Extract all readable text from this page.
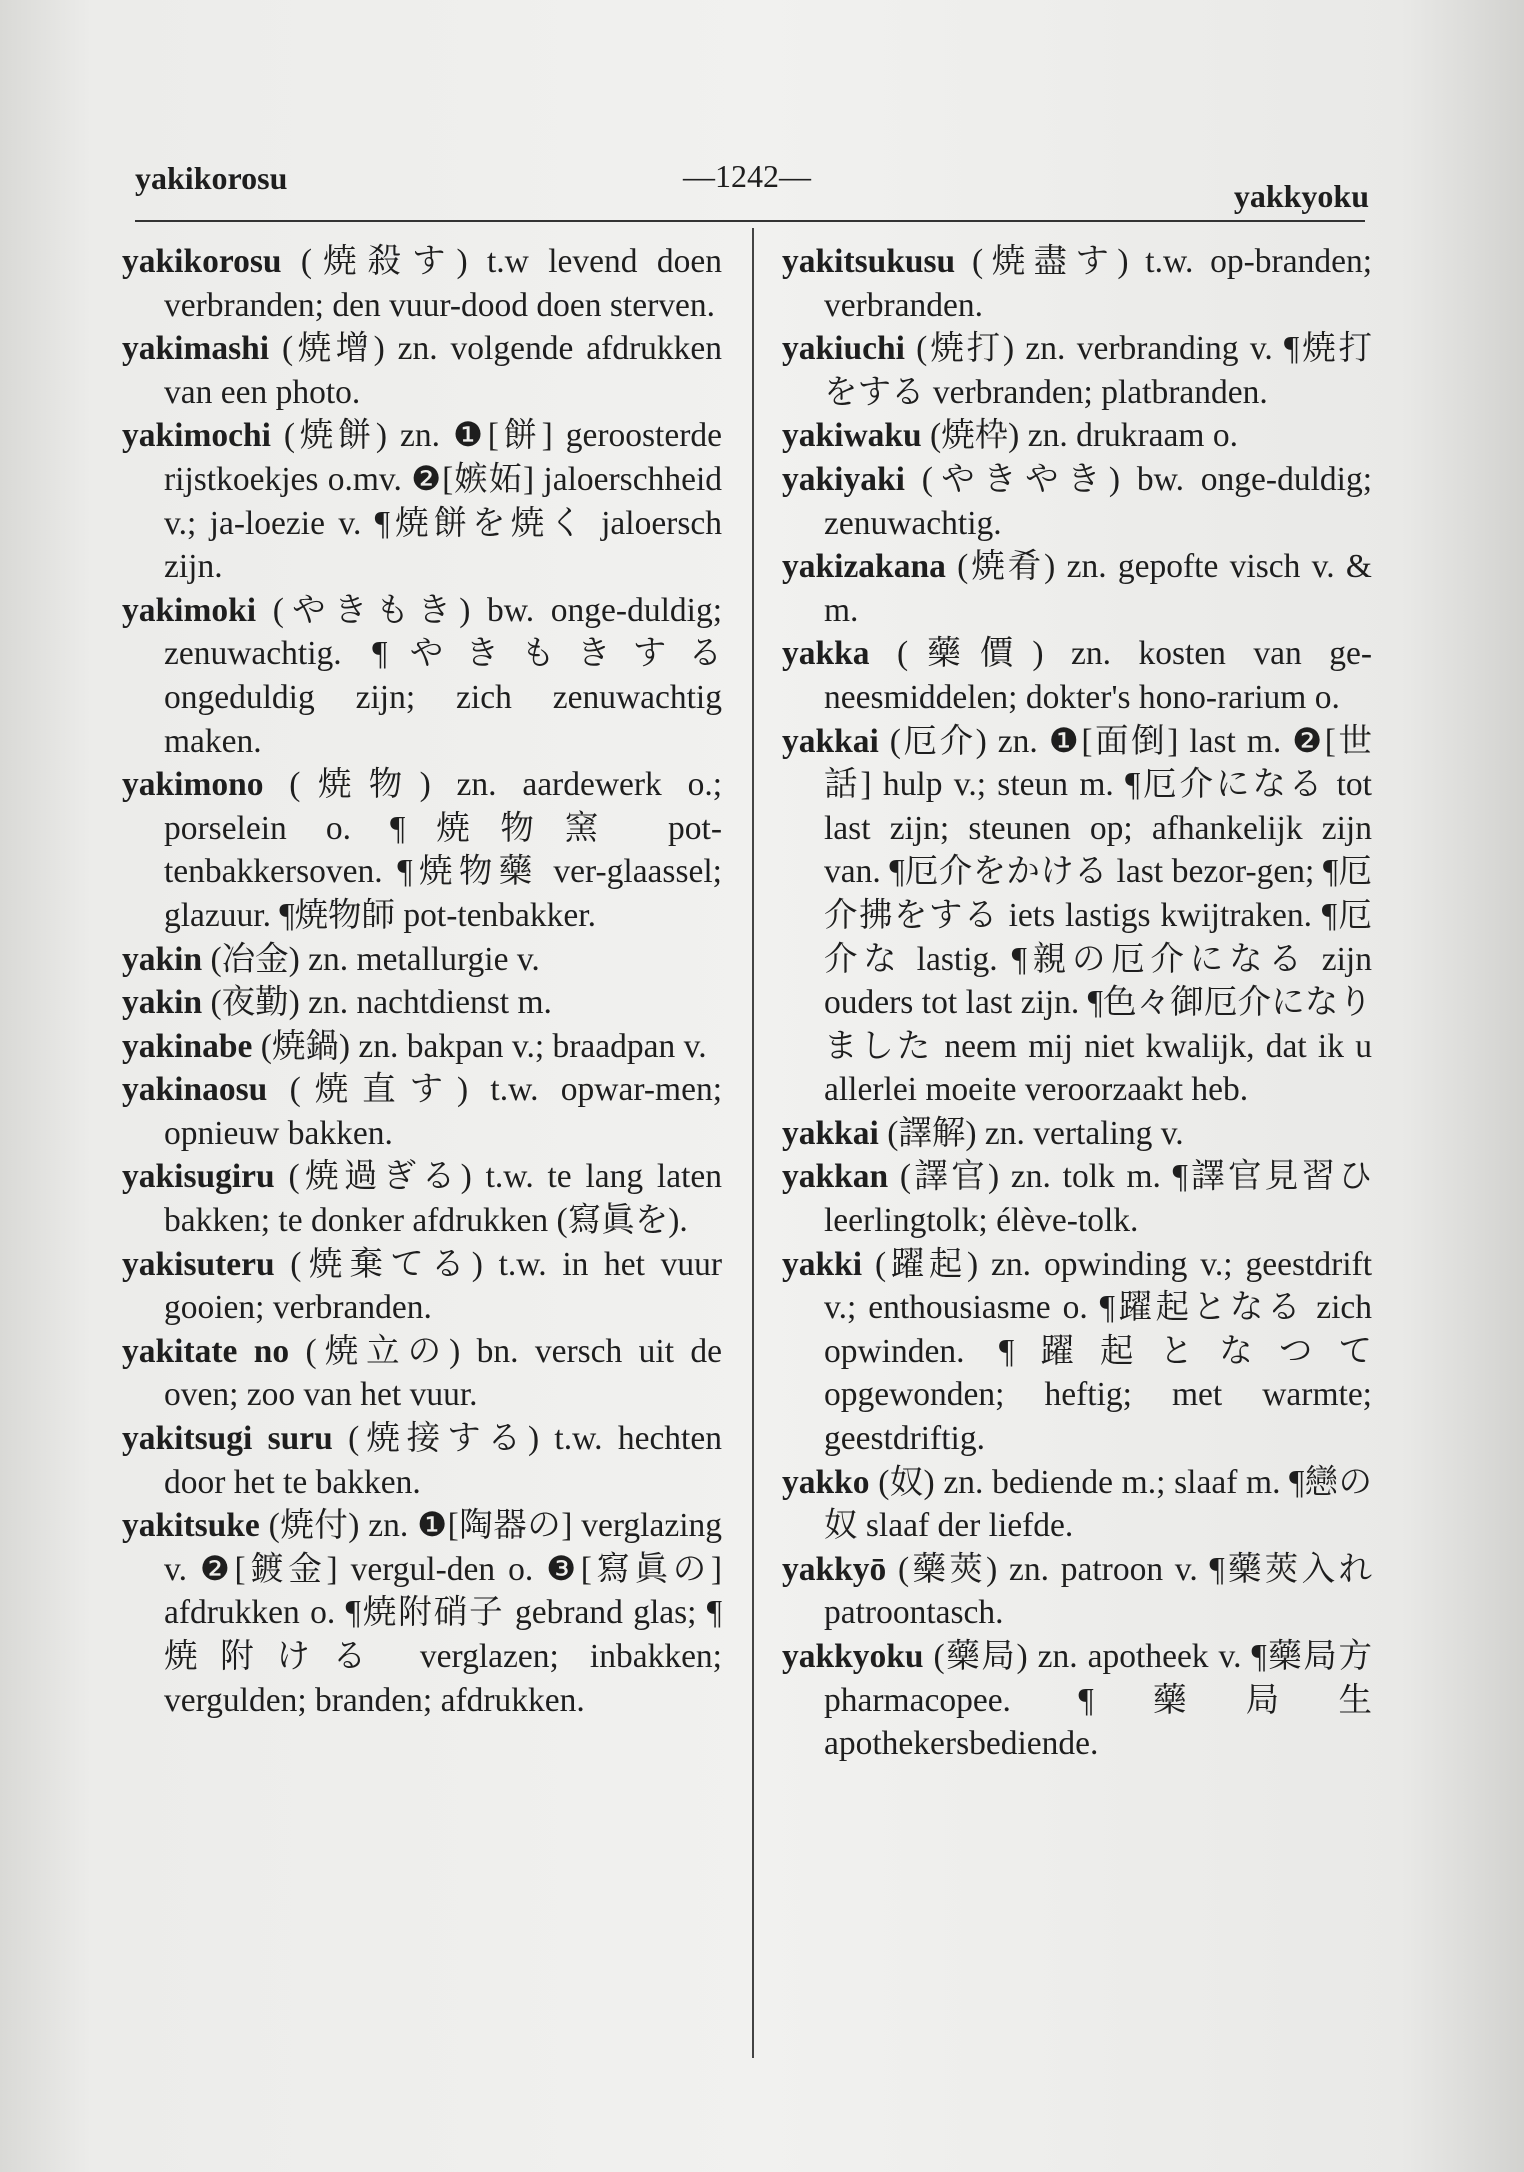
yakikorosu	—1242—
yakkyoku

yakikorosu (焼殺す) t.w levend doen verbranden; den vuur-dood doen sterven.

yakimashi (焼增) zn. volgende afdrukken van een photo.

yakimochi (焼餅) zn. ❶[餅] geroosterde rijstkoekjes o.mv. ❷[嫉妬] jaloerschheid v.; ja-loezie v. ¶焼餅を焼く jaloersch zijn.

yakimoki (やきもき) bw. onge-duldig; zenuwachtig. ¶やきもきする ongeduldig zijn; zich zenuwachtig maken.

yakimono (焼物) zn. aardewerk o.; porselein o. ¶焼物窯 pot-tenbakkersoven. ¶焼物藥 ver-glaassel; glazuur. ¶焼物師 pot-tenbakker.

yakin (冶金) zn. metallurgie v.

yakin (夜勤) zn. nachtdienst m.

yakinabe (焼鍋) zn. bakpan v.; braadpan v.

yakinaosu (焼直す) t.w. opwar-men; opnieuw bakken.

yakisugiru (焼過ぎる) t.w. te lang laten bakken; te donker afdrukken (寫眞を).

yakisuteru (焼棄てる) t.w. in het vuur gooien; verbranden.

yakitate no (焼立の) bn. versch uit de oven; zoo van het vuur.

yakitsugi suru (焼接する) t.w. hechten door het te bakken.

yakitsuke (焼付) zn. ❶[陶器の] verglazing v. ❷[鍍金] vergul-den o. ❸[寫眞の] afdrukken o. ¶焼附硝子 gebrand glas; ¶焼附ける verglazen; inbakken; vergulden; branden; afdrukken.

yakitsukusu (焼盡す) t.w. op-branden; verbranden.

yakiuchi (焼打) zn. verbranding v. ¶焼打をする verbranden; platbranden.

yakiwaku (焼枠) zn. drukraam o.

yakiyaki (やきやき) bw. onge-duldig; zenuwachtig.

yakizakana (焼肴) zn. gepofte visch v. & m.

yakka (藥價) zn. kosten van ge-neesmiddelen; dokter's hono-rarium o.

yakkai (厄介) zn. ❶[面倒] last m. ❷[世話] hulp v.; steun m. ¶厄介になる tot last zijn; steunen op; afhankelijk zijn van. ¶厄介をかける last bezor-gen; ¶厄介拂をする iets lastigs kwijtraken. ¶厄介な lastig. ¶親の厄介になる zijn ouders tot last zijn. ¶色々御厄介になりました neem mij niet kwalijk, dat ik u allerlei moeite veroorzaakt heb.

yakkai (譯解) zn. vertaling v.

yakkan (譯官) zn. tolk m. ¶譯官見習ひ leerlingtolk; élève-tolk.

yakki (躍起) zn. opwinding v.; geestdrift v.; enthousiasme o. ¶躍起となる zich opwinden. ¶躍起となつて opgewonden; heftig; met warmte; geestdriftig.

yakko (奴) zn. bediende m.; slaaf m. ¶戀の奴 slaaf der liefde.

yakkyō (藥莢) zn. patroon v. ¶藥莢入れ patroontasch.

yakkyoku (藥局) zn. apotheek v. ¶藥局方 pharmacopee. ¶藥局生 apothekersbediende.
